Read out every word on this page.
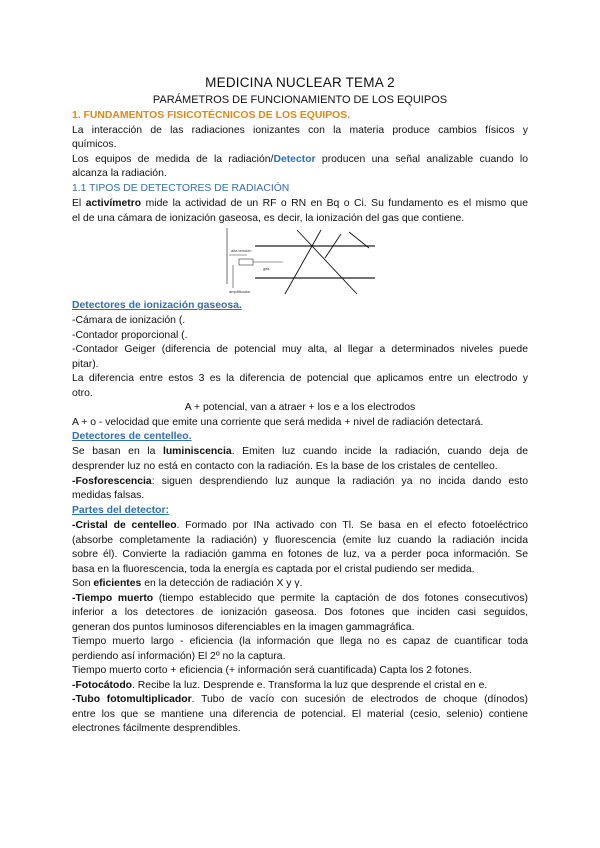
MEDICINA NUCLEAR TEMA 2
PARÁMETROS DE FUNCIONAMIENTO DE LOS EQUIPOS
1. FUNDAMENTOS FISICOTÉCNICOS DE LOS EQUIPOS.
La interacción de las radiaciones ionizantes con la materia produce cambios físicos y
químicos.
Los equipos de medida de la radiación/Detector producen una señal analizable cuando lo
alcanza la radiación.
1.1 TIPOS DE DETECTORES DE RADIACIÓN
El activímetro mide la actividad de un RF o RN en Bq o Ci. Su fundamento es el mismo que
el de una cámara de ionización gaseosa, es decir, la ionización del gas que contiene.
alta tensión
gas
amplificador
Detectores de ionización gaseosa.
-Cámara de ionización (.
-Contador proporcional (.
-Contador Geiger (diferencia de potencial muy alta, al llegar a determinados niveles puede
pitar).
La diferencia entre estos 3 es la diferencia de potencial que aplicamos entre un electrodo y
otro.
A + potencial, van a atraer + los e a los electrodos
A + o - velocidad que emite una corriente que será medida + nivel de radiación detectará.
Detectores de centelleo.
Se basan en la luminiscencia. Emiten luz cuando incide la radiación, cuando deja de
desprender luz no está en contacto con la radiación. Es la base de los cristales de centelleo.
-Fosforescencia: siguen desprendiendo luz aunque la radiación ya no incida dando esto
medidas falsas.
Partes del detector:
-Cristal de centelleo. Formado por INa activado con Tl. Se basa en el efecto fotoeléctrico
(absorbe completamente la radiación) y fluorescencia (emite luz cuando la radiación incida
sobre él). Convierte la radiación gamma en fotones de luz, va a perder poca información. Se
basa en la fluorescencia, toda la energía es captada por el cristal pudiendo ser medida.
Son eficientes en la detección de radiación X y γ.
-Tiempo muerto (tiempo establecido que permite la captación de dos fotones consecutivos)
inferior a los detectores de ionización gaseosa. Dos fotones que inciden casi seguidos,
generan dos puntos luminosos diferenciables en la imagen gammagráfica.
Tiempo muerto largo - eficiencia (la información que llega no es capaz de cuantificar toda
perdiendo así información) El 2º no la captura.
Tiempo muerto corto + eficiencia (+ información será cuantificada) Capta los 2 fotones.
-Fotocátodo. Recibe la luz. Desprende e. Transforma la luz que desprende el cristal en e.
-Tubo fotomultiplicador. Tubo de vacío con sucesión de electrodos de choque (dínodos)
entre los que se mantiene una diferencia de potencial. El material (cesio, selenio) contiene
electrones fácilmente desprendibles.
